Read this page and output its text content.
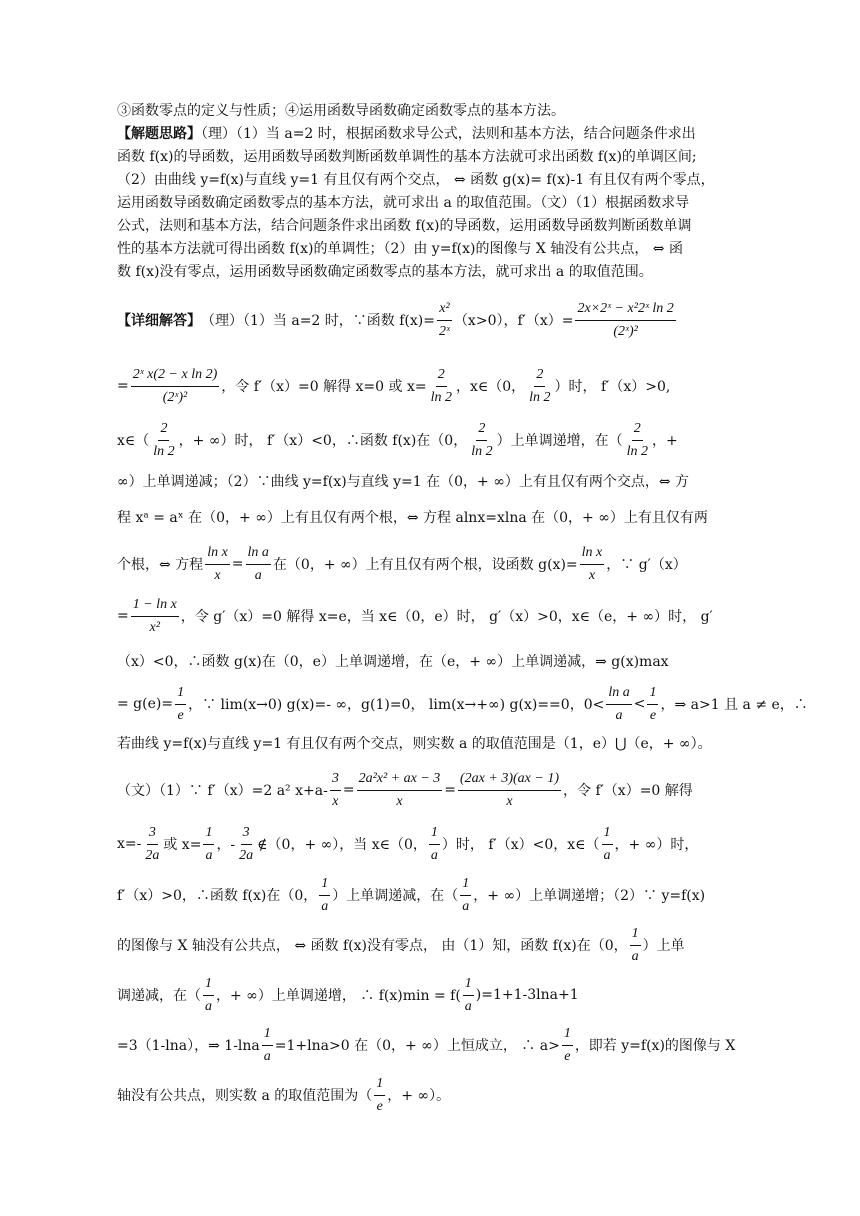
③函数零点的定义与性质；④运用函数导函数确定函数零点的基本方法。

【解题思路】（理）（1）当 a=2 时，根据函数求导公式，法则和基本方法，结合问题条件求出
函数 f(x)的导函数，运用函数导函数判断函数单调性的基本方法就可求出函数 f(x)的单调区间;
（2）由曲线 y=f(x)与直线 y=1 有且仅有两个交点， ⇔ 函数 g(x)= f(x)-1 有且仅有两个零点，
运用函数导函数确定函数零点的基本方法，就可求出 a 的取值范围。（文）（1）根据函数求导
公式，法则和基本方法，结合问题条件求出函数 f(x)的导函数，运用函数导函数判断函数单调
性的基本方法就可得出函数 f(x)的单调性；（2）由 y=f(x)的图像与 X 轴没有公共点， ⇔ 函
数 f(x)没有零点，运用函数导函数确定函数零点的基本方法，就可求出 a 的取值范围。

【详细解答】 （理）（1）当 a=2 时，∵函数 $f(x)= \frac{\text{x²}}{\text{2ˣ}} (x>0)$， $f'(x)= \frac{\text{2x×2ˣ − x²2ˣ ln 2}}{\text{(2ˣ)²}}$
= $\frac{\text{2ˣ x(2 − x ln 2)}}{\text{(2ˣ)²}}$ ，令 f′（x）=0 解得 x=0 或 $x= \frac{2}{\ln 2}$ ，x∈（0， $\frac{2}{\ln 2}$ ）时， f′（x）>0,
x∈（ $\frac{2}{\ln 2}$ ，+ ∞）时， f′（x）<0，∴函数 f(x)在（0， $\frac{2}{\ln 2}$ ）上单调递增，在（ $\frac{2}{\ln 2}$ ，+
∞）上单调递减；（2）∵曲线 y=f(x)与直线 y=1 在（0，+ ∞）上有且仅有两个交点，⇔ 方
程 xᵃ = aˣ 在（0，+ ∞）上有且仅有两个根，⇔ 方程 alnx=xlna 在（0，+ ∞）上有且仅有两
个根，⇔ 方程 $\frac{\text{ln x}}{x} = \frac{\text{ln a}}{a}$ 在（0，+ ∞）上有且仅有两个根，设函数 $g(x)= \frac{\text{ln x}}{x}$ ，∵ g′（x）
= $\frac{\text{1 − ln x}}{\text{x²}}$ ，令 g′（x）=0 解得 x=e，当 x∈（0，e）时， g′（x）>0，x∈（e，+ ∞）时， g′
（x）<0，∴函数 g(x)在（0，e）上单调递增，在（e，+ ∞）上单调递减，⇒ g(x)max
= $g(e)= \frac{1}{e}$ ，∵ lim(x→0) g(x)=- ∞，g(1)=0， lim(x→+∞) g(x)==0，$0< \frac{\text{ln a}}{a} < \frac{1}{e}$ ，⇒ a>1 且 a ≠ e，∴
若曲线 y=f(x)与直线 y=1 有且仅有两个交点，则实数 a 的取值范围是（1，e）⋃（e，+ ∞）。
（文）（1）∵ f′（x）=2 a² $x+a- \frac{3}{x} = \frac{\text{2a²x² + ax − 3}}{x} = \frac{(2ax + 3)(ax - 1)}{x}$ ，令 f′（x）=0 解得
$x=- \frac{3}{2a}$ 或 $x= \frac{1}{a}$ ，- $\frac{3}{2a}$ ∉（0，+ ∞），当 x∈（0， $\frac{1}{a}$ ）时， f′（x）<0，x∈（ $\frac{1}{a}$ ，+ ∞）时，
f′（x）>0，∴函数 f(x)在（0， $\frac{1}{a}$ ）上单调递减，在（ $\frac{1}{a}$ ，+ ∞）上单调递增；（2）∵ y=f(x)
的图像与 X 轴没有公共点， ⇔ 函数 f(x)没有零点， 由（1）知，函数 f(x)在（0， $\frac{1}{a}$ ）上单
调递减，在（ $\frac{1}{a}$ ，+ ∞）上单调递增， ∴ $f(x)\min = f( \frac{1}{a} )=1+1-3\ln a+1$
=3（1-lna），⇒ $1-\ln a \frac{1}{a} =1+\ln a>0$ 在（0，+ ∞）上恒成立， ∴ $a> \frac{1}{e}$ ，即若 y=f(x)的图像与 X
轴没有公共点，则实数 a 的取值范围为（ $\frac{1}{e}$ ，+ ∞）。
